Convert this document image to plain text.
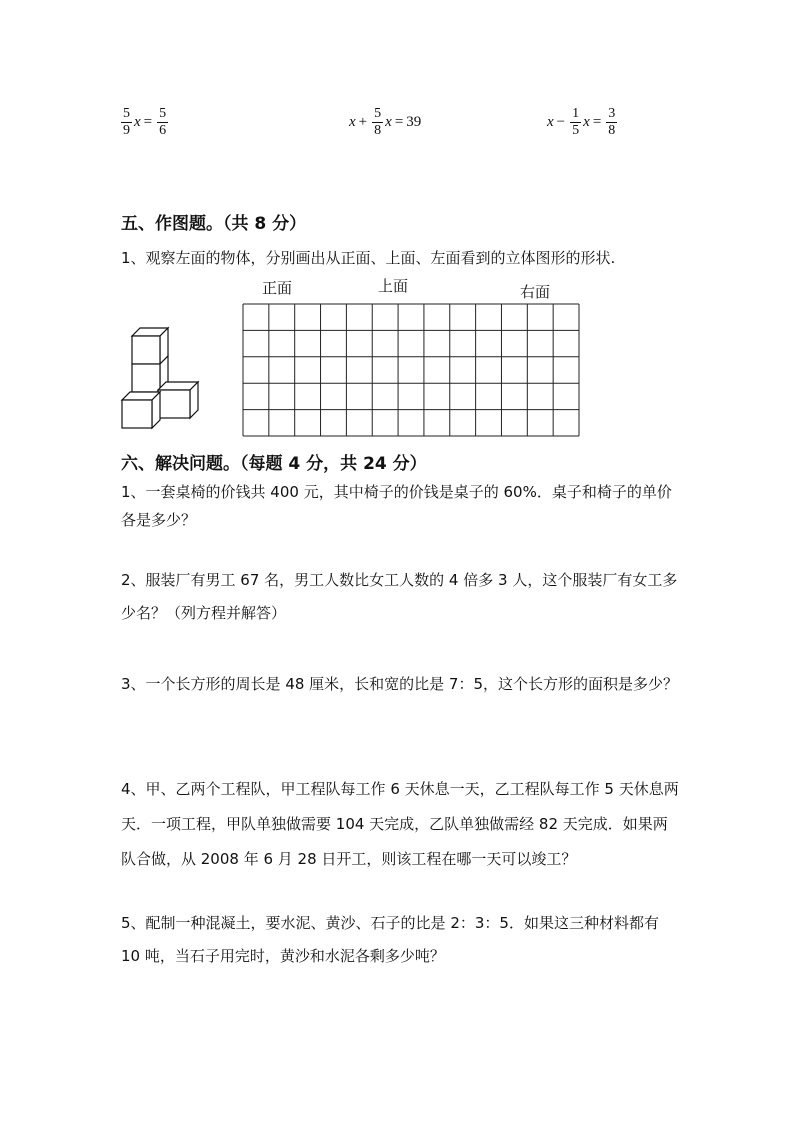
$\frac{5}{9}$ $x = \frac{5}{6}$	$x + \frac{5}{8}$ x = 39	$x - \frac{1}{5}$ $x = \frac{3}{8}$
五、作图题。（共 8 分）
1、观察左面的物体，分别画出从正面、上面、左面看到的立体图形的形状.
正面	上面	右面
六、解决问题。（每题 4 分，共 24 分）
1、一套桌椅的价钱共 400 元，其中椅子的价钱是桌子的 60%．桌子和椅子的单价各是多少？
2、服装厂有男工 67 名，男工人数比女工人数的 4 倍多 3 人，这个服装厂有女工多少名？（列方程并解答）
3、一个长方形的周长是 48 厘米，长和宽的比是 7：5，这个长方形的面积是多少？
4、甲、乙两个工程队，甲工程队每工作 6 天休息一天，乙工程队每工作 5 天休息两天．一项工程，甲队单独做需要 104 天完成，乙队单独做需经 82 天完成．如果两队合做，从 2008 年 6 月 28 日开工，则该工程在哪一天可以竣工？
5、配制一种混凝土，要水泥、黄沙、石子的比是 2：3：5．如果这三种材料都有 10 吨，当石子用完时，黄沙和水泥各剩多少吨？
